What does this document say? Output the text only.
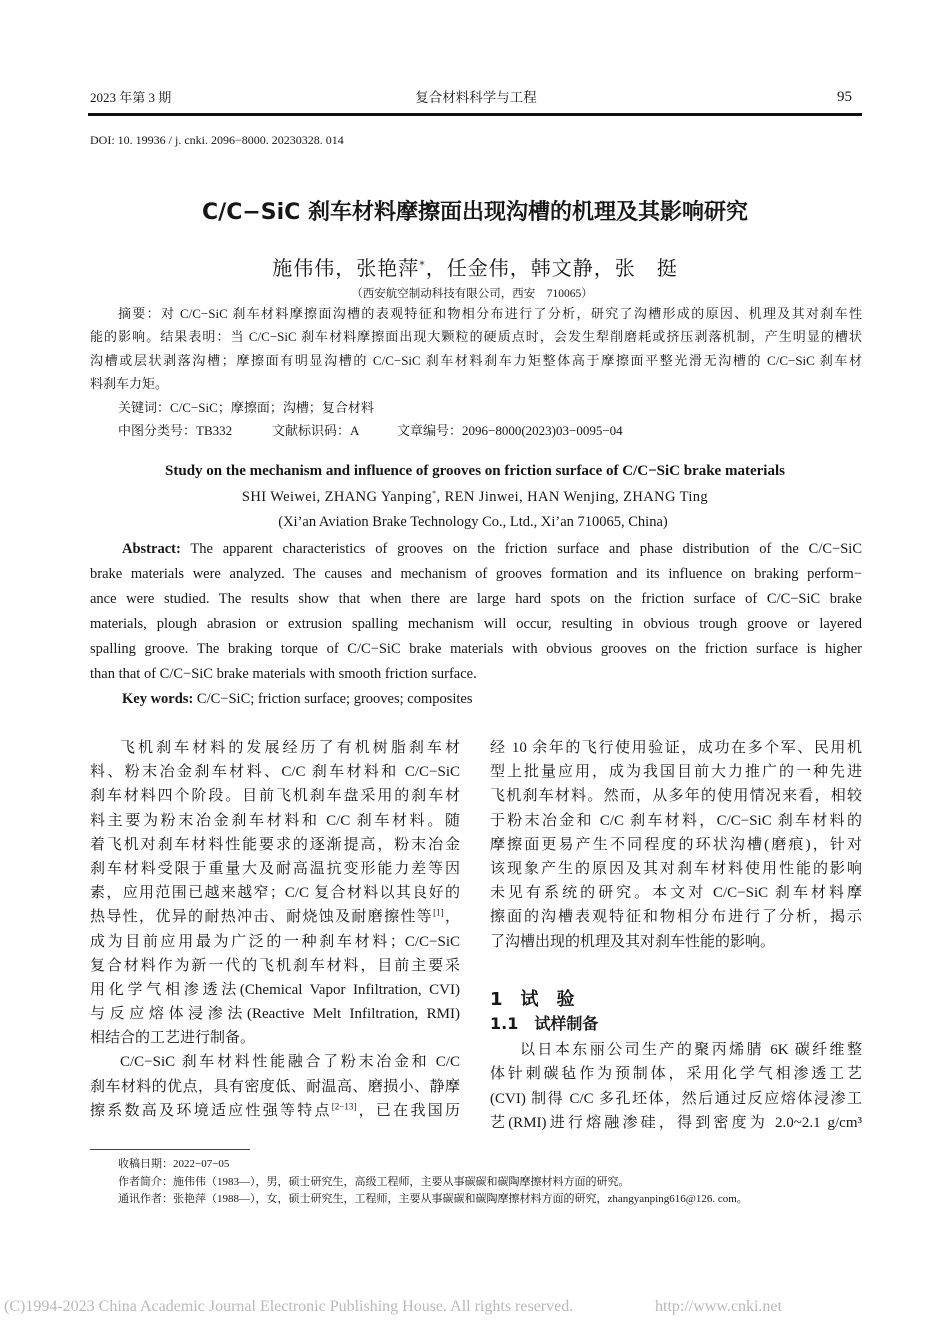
2023 年第 3 期	复合材料科学与工程	95
DOI: 10. 19936 / j. cnki. 2096−8000. 20230328. 014
C/C−SiC 刹车材料摩擦面出现沟槽的机理及其影响研究
施伟伟，张艳萍*，任金伟，韩文静，张　挺
（西安航空制动科技有限公司，西安　710065）
摘要：对 C/C−SiC 刹车材料摩擦面沟槽的表观特征和物相分布进行了分析，研究了沟槽形成的原因、机理及其对刹车性
能的影响。结果表明：当 C/C−SiC 刹车材料摩擦面出现大颗粒的硬质点时，会发生犁削磨耗或挤压剥落机制，产生明显的槽状
沟槽或层状剥落沟槽；摩擦面有明显沟槽的 C/C−SiC 刹车材料刹车力矩整体高于摩擦面平整光滑无沟槽的 C/C−SiC 刹车材
料刹车力矩。
关键词：C/C−SiC；摩擦面；沟槽；复合材料
中图分类号：TB332	文献标识码：A	文章编号：2096−8000(2023)03−0095−04
Study on the mechanism and influence of grooves on friction surface of C/C−SiC brake materials
SHI Weiwei, ZHANG Yanping*, REN Jinwei, HAN Wenjing, ZHANG Ting
(Xi’an Aviation Brake Technology Co., Ltd., Xi’an 710065, China)
Abstract: The apparent characteristics of grooves on the friction surface and phase distribution of the C/C−SiC
brake materials were analyzed. The causes and mechanism of grooves formation and its influence on braking perform−
ance were studied. The results show that when there are large hard spots on the friction surface of C/C−SiC brake
materials, plough abrasion or extrusion spalling mechanism will occur, resulting in obvious trough groove or layered
spalling groove. The braking torque of C/C−SiC brake materials with obvious grooves on the friction surface is higher
than that of C/C−SiC brake materials with smooth friction surface.
Key words: C/C−SiC; friction surface; grooves; composites
飞机刹车材料的发展经历了有机树脂刹车材
料、粉末冶金刹车材料、C/C 刹车材料和 C/C−SiC
刹车材料四个阶段。目前飞机刹车盘采用的刹车材
料主要为粉末冶金刹车材料和 C/C 刹车材料。随
着飞机对刹车材料性能要求的逐渐提高，粉末冶金
刹车材料受限于重量大及耐高温抗变形能力差等因
素，应用范围已越来越窄；C/C 复合材料以其良好的
热导性，优异的耐热冲击、耐烧蚀及耐磨擦性等[1]，
成为目前应用最为广泛的一种刹车材料；C/C−SiC
复合材料作为新一代的飞机刹车材料，目前主要采
用化学气相渗透法(Chemical Vapor Infiltration, CVI)
与反应熔体浸渗法(Reactive Melt Infiltration, RMI)
相结合的工艺进行制备。
C/C−SiC 刹车材料性能融合了粉末冶金和 C/C
刹车材料的优点，具有密度低、耐温高、磨损小、静摩
擦系数高及环境适应性强等特点[2−13]，已在我国历
经 10 余年的飞行使用验证，成功在多个军、民用机
型上批量应用，成为我国目前大力推广的一种先进
飞机刹车材料。然而，从多年的使用情况来看，相较
于粉末冶金和 C/C 刹车材料，C/C−SiC 刹车材料的
摩擦面更易产生不同程度的环状沟槽(磨痕)，针对
该现象产生的原因及其对刹车材料使用性能的影响
未见有系统的研究。本文对 C/C−SiC 刹车材料摩
擦面的沟槽表观特征和物相分布进行了分析，揭示
了沟槽出现的机理及其对刹车性能的影响。
1　试　验
1.1　试样制备
以日本东丽公司生产的聚丙烯腈 6K 碳纤维整
体针刺碳毡作为预制体，采用化学气相渗透工艺
(CVI) 制得 C/C 多孔坯体，然后通过反应熔体浸渗工
艺(RMI)进行熔融渗硅，得到密度为 2.0~2.1 g/cm³
收稿日期：2022−07−05
作者简介：施伟伟（1983—），男，硕士研究生，高级工程师，主要从事碳碳和碳陶摩擦材料方面的研究。
通讯作者：张艳萍（1988—），女，硕士研究生，工程师，主要从事碳碳和碳陶摩擦材料方面的研究，zhangyanping616@126. com。
(C)1994-2023 China Academic Journal Electronic Publishing House. All rights reserved.	http://www.cnki.net
